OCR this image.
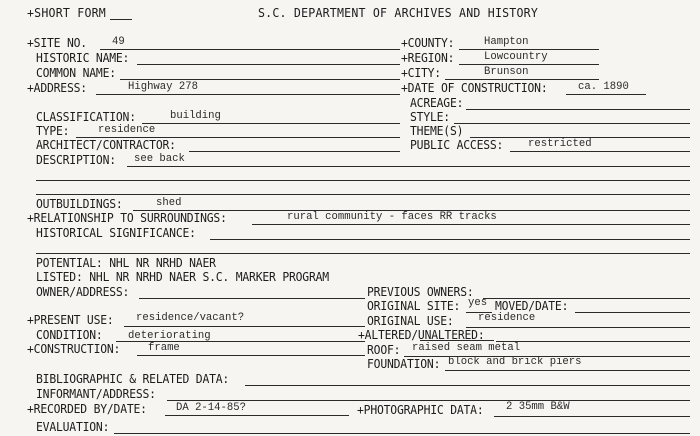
+SHORT FORM	S.C. DEPARTMENT OF ARCHIVES AND HISTORY
+SITE NO. 49	+COUNTY:	Hampton
HISTORIC NAME:	+REGION:	Lowcountry
COMMON NAME:	+CITY:	Brunson
+ADDRESS:	Highway 278	+DATE OF CONSTRUCTION:	ca. 1890
ACREAGE:
CLASSIFICATION:	building	STYLE:
TYPE:	residence	THEME(S)
ARCHITECT/CONTRACTOR:	PUBLIC ACCESS: restricted
DESCRIPTION: see back
OUTBUILDINGS:	shed
+RELATIONSHIP TO SURROUNDINGS:	rural community - faces RR tracks
HISTORICAL SIGNIFICANCE:
POTENTIAL: NHL NR NRHD NAER
LISTED: NHL NR NRHD NAER S.C. MARKER PROGRAM
OWNER/ADDRESS:	PREVIOUS OWNERS:
ORIGINAL SITE: yes MOVED/DATE:
+PRESENT USE: residence/vacant?	ORIGINAL USE: residence
CONDITION: deteriorating	+ALTERED/UNALTERED:
+CONSTRUCTION:	frame	ROOF: raised seam metal
FOUNDATION: block and brick piers
BIBLIOGRAPHIC & RELATED DATA:
INFORMANT/ADDRESS:
+RECORDED BY/DATE:	DA 2-14-85?	+PHOTOGRAPHIC DATA: 2 35mm B&W
EVALUATION:
